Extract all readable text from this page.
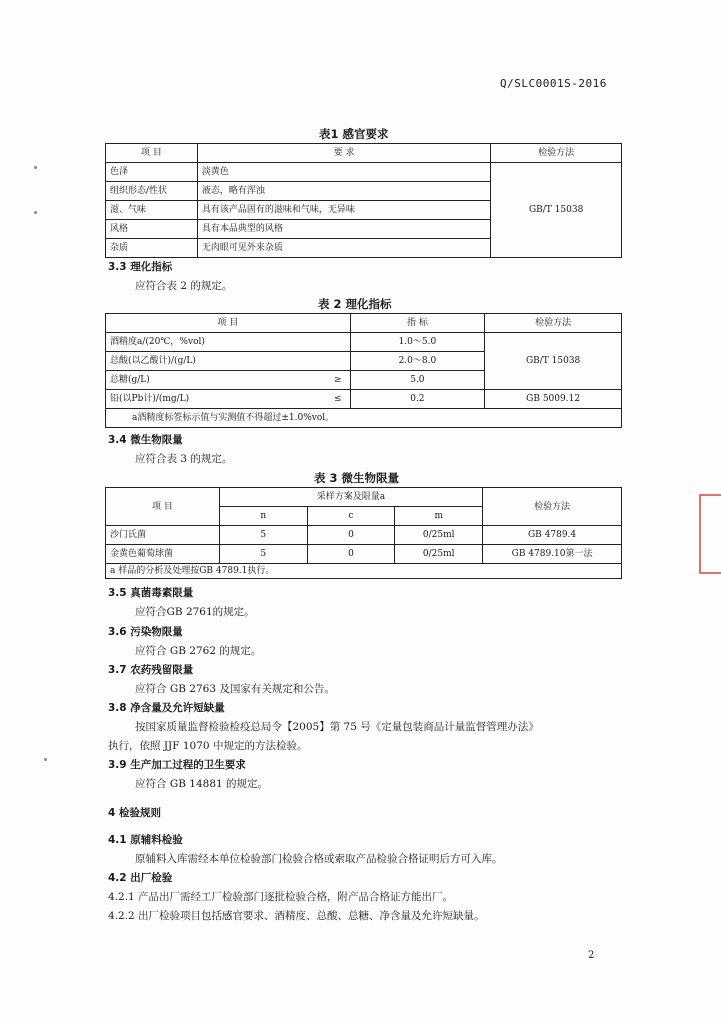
Q/SLC0001S-2016
表1 感官要求
项 目	要 求	检验方法
色泽	淡黄色	GB/T 15038
组织形态/性状	液态，略有浑浊	
滋、气味	具有该产品固有的滋味和气味，无异味	
风格	具有本品典型的风格	
杂质	无肉眼可见外来杂质	
3.3 理化指标
应符合表 2 的规定。
表 2 理化指标
项 目		指 标	检验方法
酒精度a/(20℃，%vol)		1.0～5.0	GB/T 15038
总酸(以乙酸计)/(g/L)		2.0～8.0	
总糖(g/L)	≥	5.0	
铅(以Pb计)/(mg/L)	≤	0.2	GB 5009.12
a酒精度标签标示值与实测值不得超过±1.0%vol。			
3.4 微生物限量
应符合表 3 的规定。
表 3 微生物限量
项 目	采样方案及限量a			检验方法
	n	c	m	
沙门氏菌	5	0	0/25ml	GB 4789.4
金黄色葡萄球菌	5	0	0/25ml	GB 4789.10第一法
a 样品的分析及处理按GB 4789.1执行。				
3.5 真菌毒素限量
应符合GB 2761的规定。
3.6 污染物限量
应符合 GB 2762 的规定。
3.7 农药残留限量
应符合 GB 2763 及国家有关规定和公告。
3.8 净含量及允许短缺量
按国家质量监督检验检疫总局令【2005】第 75 号《定量包装商品计量监督管理办法》
执行，依照 JJF 1070 中规定的方法检验。
3.9 生产加工过程的卫生要求
应符合 GB 14881 的规定。
4 检验规则
4.1 原辅料检验
原辅料入库需经本单位检验部门检验合格或索取产品检验合格证明后方可入库。
4.2 出厂检验
4.2.1 产品出厂需经工厂检验部门逐批检验合格，附产品合格证方能出厂。
4.2.2 出厂检验项目包括感官要求、酒精度、总酸、总糖、净含量及允许短缺量。
2
